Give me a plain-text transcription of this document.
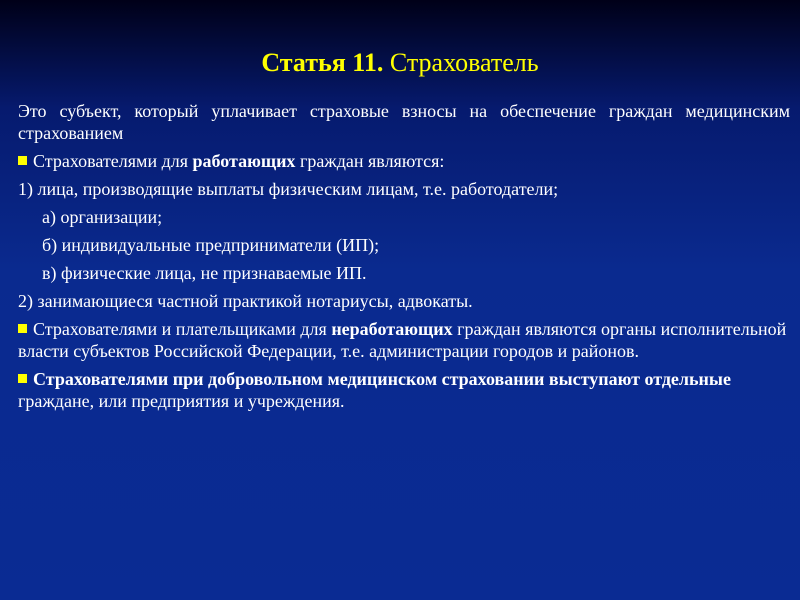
Статья 11. Страхователь

Это субъект, который уплачивает страховые взносы на обеспечение граждан медицинским страхованием

Страхователями для работающих граждан являются:

1) лица, производящие выплаты физическим лицам, т.е. работодатели;

а) организации;

б) индивидуальные предприниматели (ИП);

в) физические лица, не признаваемые ИП.

2) занимающиеся частной практикой нотариусы, адвокаты.

Страхователями и плательщиками для неработающих граждан являются органы исполнительной власти субъектов Российской Федерации, т.е. администрации городов и районов.

Страхователями при добровольном медицинском страховании выступают отдельные граждане, или предприятия и учреждения.
